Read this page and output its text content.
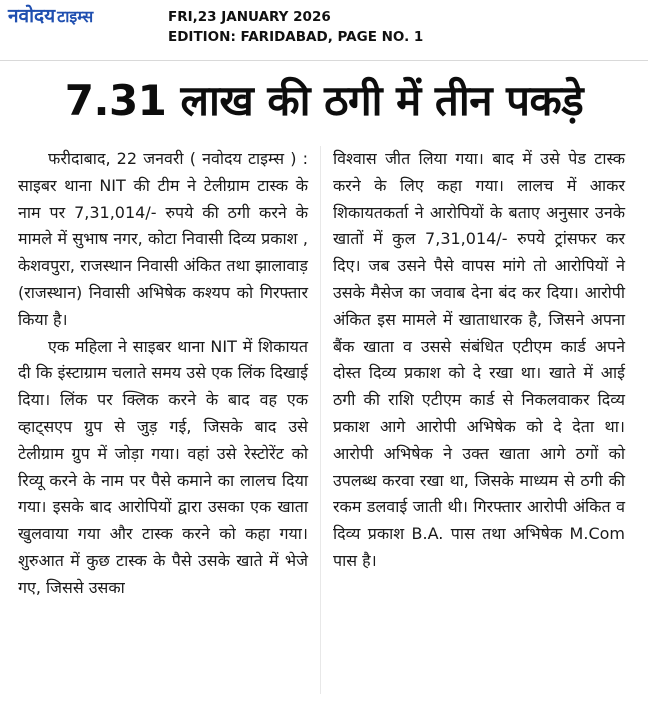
नवोदय टाइम्स	FRI,23 JANUARY 2026
EDITION: FARIDABAD, PAGE NO. 1
7.31 लाख की ठगी में तीन पकड़े

फरीदाबाद, 22 जनवरी ( नवोदय टाइम्स ) : साइबर थाना NIT की टीम ने टेलीग्राम टास्क के नाम पर 7,31,014/- रुपये की ठगी करने के मामले में सुभाष नगर, कोटा निवासी दिव्य प्रकाश , केशवपुरा, राजस्थान निवासी अंकित तथा झालावाड़ (राजस्थान) निवासी अभिषेक कश्यप को गिरफ्तार किया है।

एक महिला ने साइबर थाना NIT में शिकायत दी कि इंस्टाग्राम चलाते समय उसे एक लिंक दिखाई दिया। लिंक पर क्लिक करने के बाद वह एक व्हाट्सएप ग्रुप से जुड़ गई, जिसके बाद उसे टेलीग्राम ग्रुप में जोड़ा गया। वहां उसे रेस्टोरेंट को रिव्यू करने के नाम पर पैसे कमाने का लालच दिया गया। इसके बाद आरोपियों द्वारा उसका एक खाता खुलवाया गया और टास्क करने को कहा गया। शुरुआत में कुछ टास्क के पैसे उसके खाते में भेजे गए, जिससे उसका

विश्वास जीत लिया गया। बाद में उसे पेड टास्क करने के लिए कहा गया। लालच में आकर शिकायतकर्ता ने आरोपियों के बताए अनुसार उनके खातों में कुल 7,31,014/- रुपये ट्रांसफर कर दिए। जब उसने पैसे वापस मांगे तो आरोपियों ने उसके मैसेज का जवाब देना बंद कर दिया। आरोपी अंकित इस मामले में खाताधारक है, जिसने अपना बैंक खाता व उससे संबंधित एटीएम कार्ड अपने दोस्त दिव्य प्रकाश को दे रखा था। खाते में आई ठगी की राशि एटीएम कार्ड से निकलवाकर दिव्य प्रकाश आगे आरोपी अभिषेक को दे देता था। आरोपी अभिषेक ने उक्त खाता आगे ठगों को उपलब्ध करवा रखा था, जिसके माध्यम से ठगी की रकम डलवाई जाती थी। गिरफ्तार आरोपी अंकित व दिव्य प्रकाश B.A. पास तथा अभिषेक M.Com पास है।
